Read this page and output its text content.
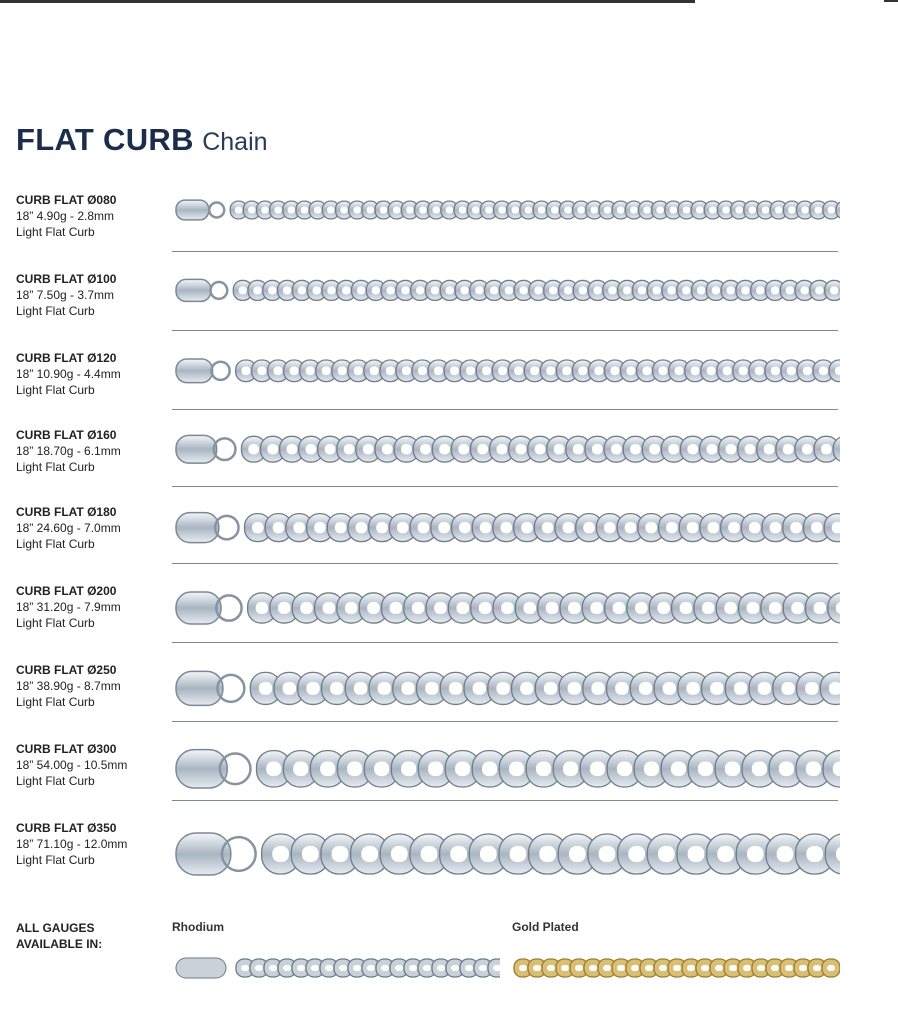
FLAT CURB Chain
CURB FLAT Ø080
18” 4.90g - 2.8mm
Light Flat Curb
CURB FLAT Ø100
18” 7.50g - 3.7mm
Light Flat Curb
CURB FLAT Ø120
18” 10.90g - 4.4mm
Light Flat Curb
CURB FLAT Ø160
18” 18.70g - 6.1mm
Light Flat Curb
CURB FLAT Ø180
18” 24.60g - 7.0mm
Light Flat Curb
CURB FLAT Ø200
18” 31.20g - 7.9mm
Light Flat Curb
CURB FLAT Ø250
18” 38.90g - 8.7mm
Light Flat Curb
CURB FLAT Ø300
18” 54.00g - 10.5mm
Light Flat Curb
CURB FLAT Ø350
18” 71.10g - 12.0mm
Light Flat Curb
ALL GAUGES
AVAILABLE IN:
Rhodium	Gold Plated
